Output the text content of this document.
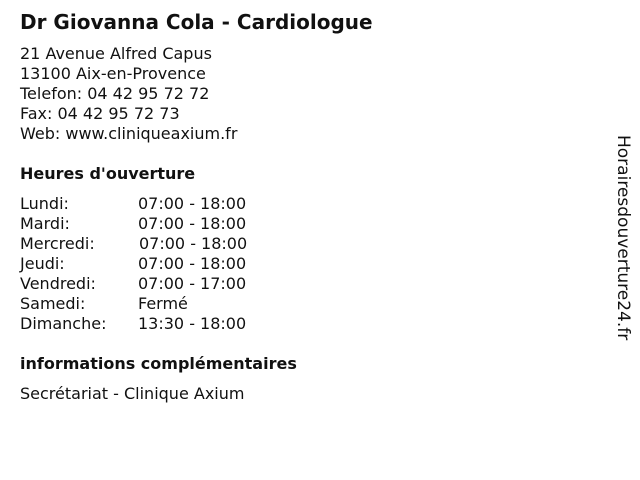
Dr Giovanna Cola - Cardiologue
21 Avenue Alfred Capus
13100 Aix-en-Provence
Telefon: 04 42 95 72 72
Fax: 04 42 95 72 73
Web: www.cliniqueaxium.fr
Heures d'ouverture
Lundi:	07:00 - 18:00
Mardi:	07:00 - 18:00
Mercredi:	07:00 - 18:00
Jeudi:	07:00 - 18:00
Vendredi:	07:00 - 17:00
Samedi:	Fermé
Dimanche:	13:30 - 18:00
informations complémentaires
Secrétariat - Clinique Axium
Horairesdouverture24.fr
